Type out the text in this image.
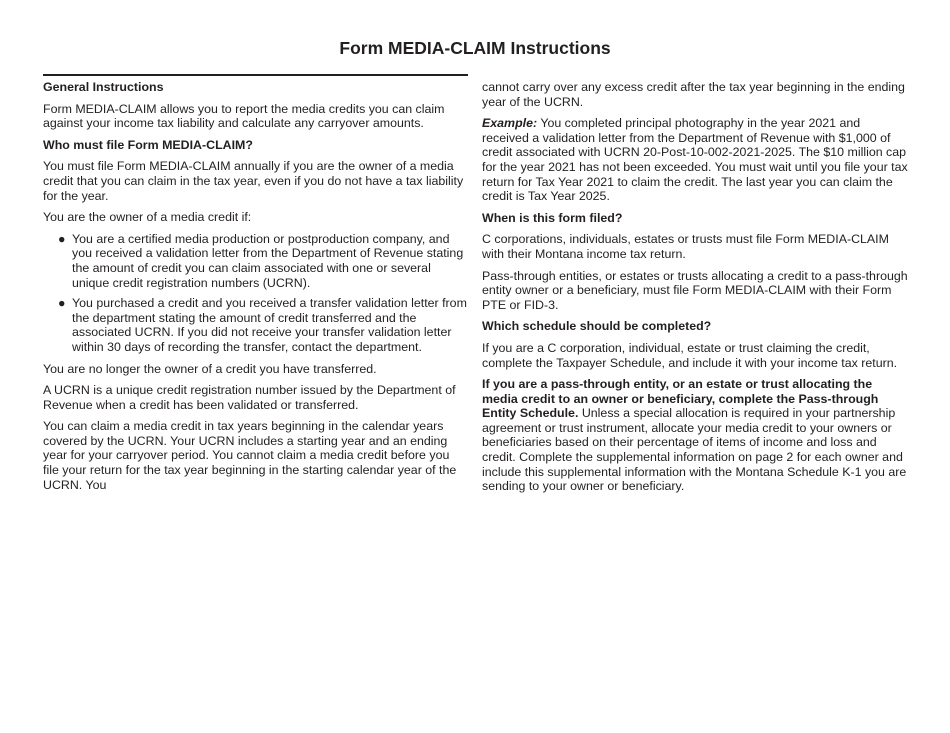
Form MEDIA-CLAIM Instructions
General Instructions

Form MEDIA-CLAIM allows you to report the media credits you can claim against your income tax liability and calculate any carryover amounts.

Who must file Form MEDIA-CLAIM?

You must file Form MEDIA-CLAIM annually if you are the owner of a media credit that you can claim in the tax year, even if you do not have a tax liability for the year.

You are the owner of a media credit if:

● You are a certified media production or postproduction company, and you received a validation letter from the Department of Revenue stating the amount of credit you can claim associated with one or several unique credit registration numbers (UCRN).
● You purchased a credit and you received a transfer validation letter from the department stating the amount of credit transferred and the associated UCRN. If you did not receive your transfer validation letter within 30 days of recording the transfer, contact the department.

You are no longer the owner of a credit you have transferred.

A UCRN is a unique credit registration number issued by the Department of Revenue when a credit has been validated or transferred.

You can claim a media credit in tax years beginning in the calendar years covered by the UCRN. Your UCRN includes a starting year and an ending year for your carryover period. You cannot claim a media credit before you file your return for the tax year beginning in the starting calendar year of the UCRN. You

cannot carry over any excess credit after the tax year beginning in the ending year of the UCRN.

Example: You completed principal photography in the year 2021 and received a validation letter from the Department of Revenue with $1,000 of credit associated with UCRN 20-Post-10-002-2021-2025. The $10 million cap for the year 2021 has not been exceeded. You must wait until you file your tax return for Tax Year 2021 to claim the credit. The last year you can claim the credit is Tax Year 2025.

When is this form filed?

C corporations, individuals, estates or trusts must file Form MEDIA-CLAIM with their Montana income tax return.

Pass-through entities, or estates or trusts allocating a credit to a pass-through entity owner or a beneficiary, must file Form MEDIA-CLAIM with their Form PTE or FID-3.

Which schedule should be completed?

If you are a C corporation, individual, estate or trust claiming the credit, complete the Taxpayer Schedule, and include it with your income tax return.

If you are a pass-through entity, or an estate or trust allocating the media credit to an owner or beneficiary, complete the Pass-through Entity Schedule. Unless a special allocation is required in your partnership agreement or trust instrument, allocate your media credit to your owners or beneficiaries based on their percentage of items of income and loss and credit. Complete the supplemental information on page 2 for each owner and include this supplemental information with the Montana Schedule K-1 you are sending to your owner or beneficiary.
